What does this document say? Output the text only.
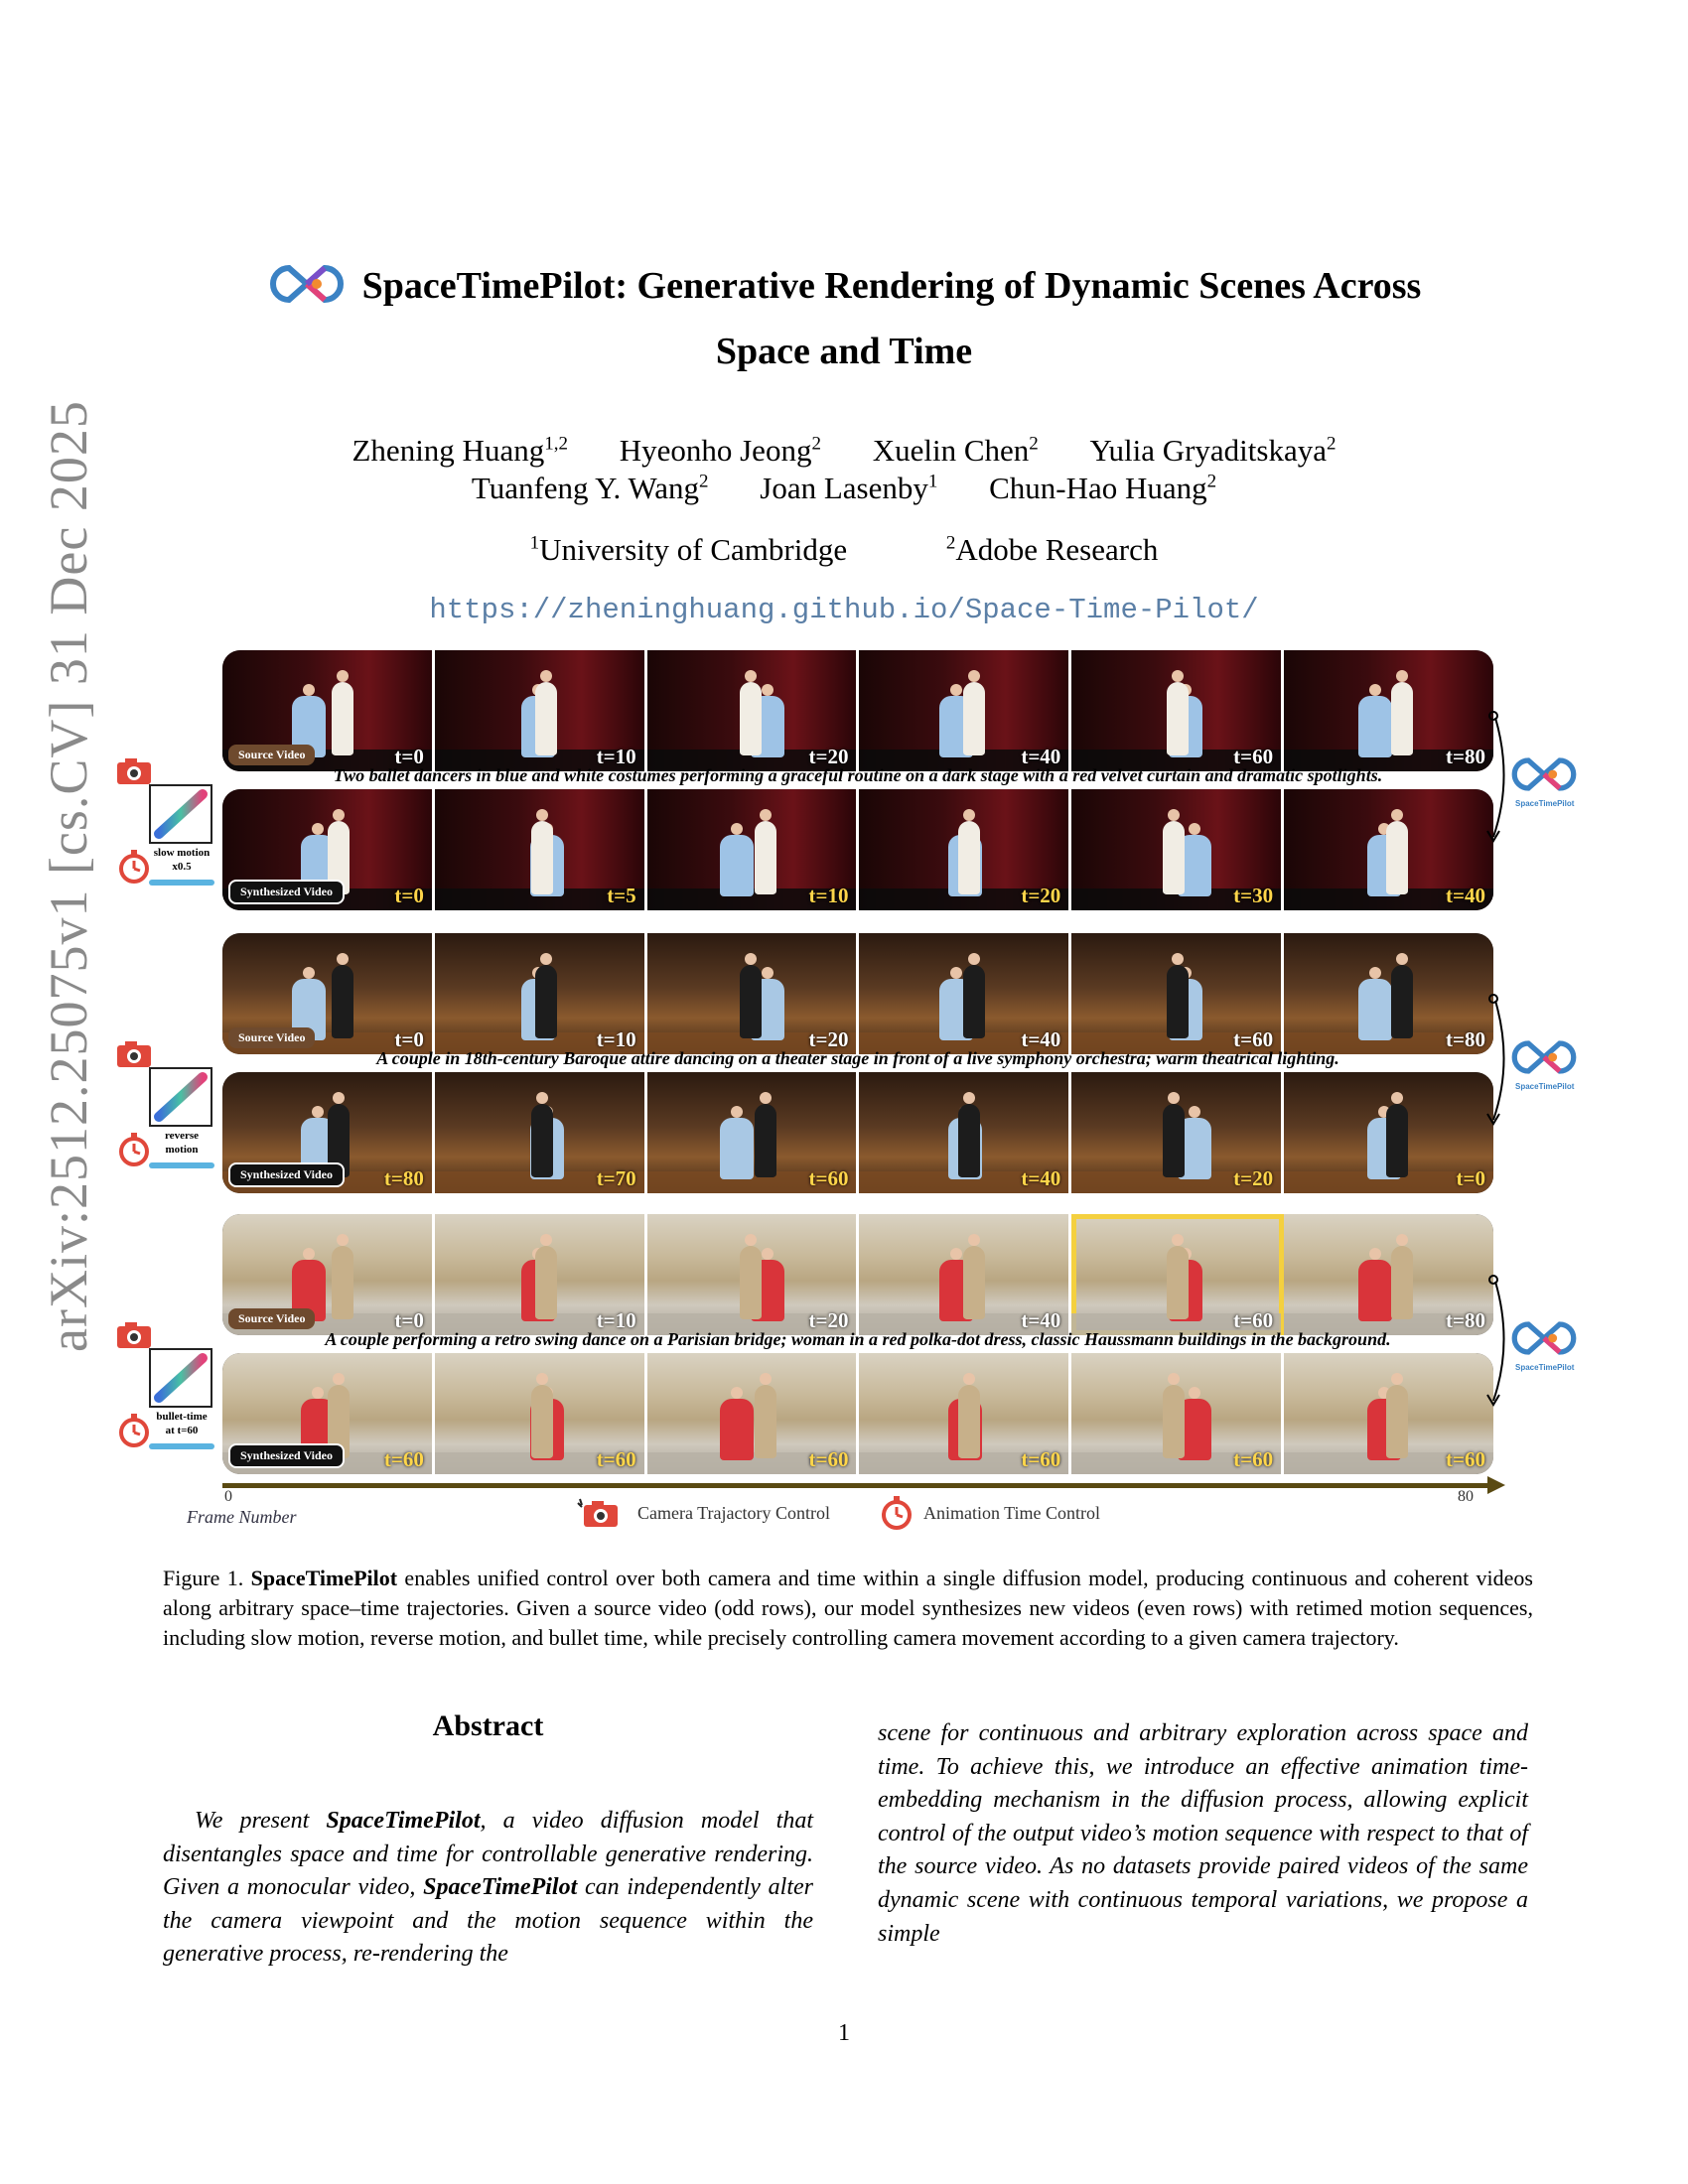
arXiv:2512.25075v1 [cs.CV] 31 Dec 2025
SpaceTimePilot: Generative Rendering of Dynamic Scenes Across
Space and Time
Zhening Huang$^{1,2}$ Hyeonho Jeong$^2$ Xuelin Chen$^2$ Yulia Gryaditskaya$^2$
Tuanfeng Y. Wang$^2$ Joan Lasenby$^1$ Chun-Hao Huang$^2$
$^1$University of Cambridge	$^2$Adobe Research
https://zheninghuang.github.io/Space-Time-Pilot/
Source Video	t=0	t=10	t=20	t=40	t=60	t=80
Synthesized Video	t=0	t=5	t=10	t=20	t=30	t=40
Two ballet dancers in blue and white costumes performing a graceful routine on a dark stage with a red velvet curtain and dramatic spotlights.
slow motion
x0.5
SpaceTimePilot
Source Video	t=0	t=10	t=20	t=40	t=60	t=80
Synthesized Video	t=80	t=70	t=60	t=40	t=20	t=0
A couple in 18th-century Baroque attire dancing on a theater stage in front of a live symphony orchestra; warm theatrical lighting.
reverse
motion
SpaceTimePilot
Source Video	t=0	t=10	t=20	t=40	t=60	t=80
Synthesized Video	t=60	t=60	t=60	t=60	t=60	t=60
A couple performing a retro swing dance on a Parisian bridge; woman in a red polka-dot dress, classic Haussmann buildings in the background.
bullet-time
at t=60
SpaceTimePilot
0	80
Frame Number	Camera Trajactory Control	Animation Time Control
Figure 1. SpaceTimePilot enables unified control over both camera and time within a single diffusion model, producing continuous and coherent videos along arbitrary space–time trajectories. Given a source video (odd rows), our model synthesizes new videos (even rows) with retimed motion sequences, including slow motion, reverse motion, and bullet time, while precisely controlling camera movement according to a given camera trajectory.
Abstract
We present SpaceTimePilot, a video diffusion model that disentangles space and time for controllable generative rendering. Given a monocular video, SpaceTimePilot can independently alter the camera viewpoint and the motion sequence within the generative process, re-rendering the
scene for continuous and arbitrary exploration across space and time. To achieve this, we introduce an effective animation time-embedding mechanism in the diffusion process, allowing explicit control of the output video’s motion sequence with respect to that of the source video. As no datasets provide paired videos of the same dynamic scene with continuous temporal variations, we propose a simple
1
